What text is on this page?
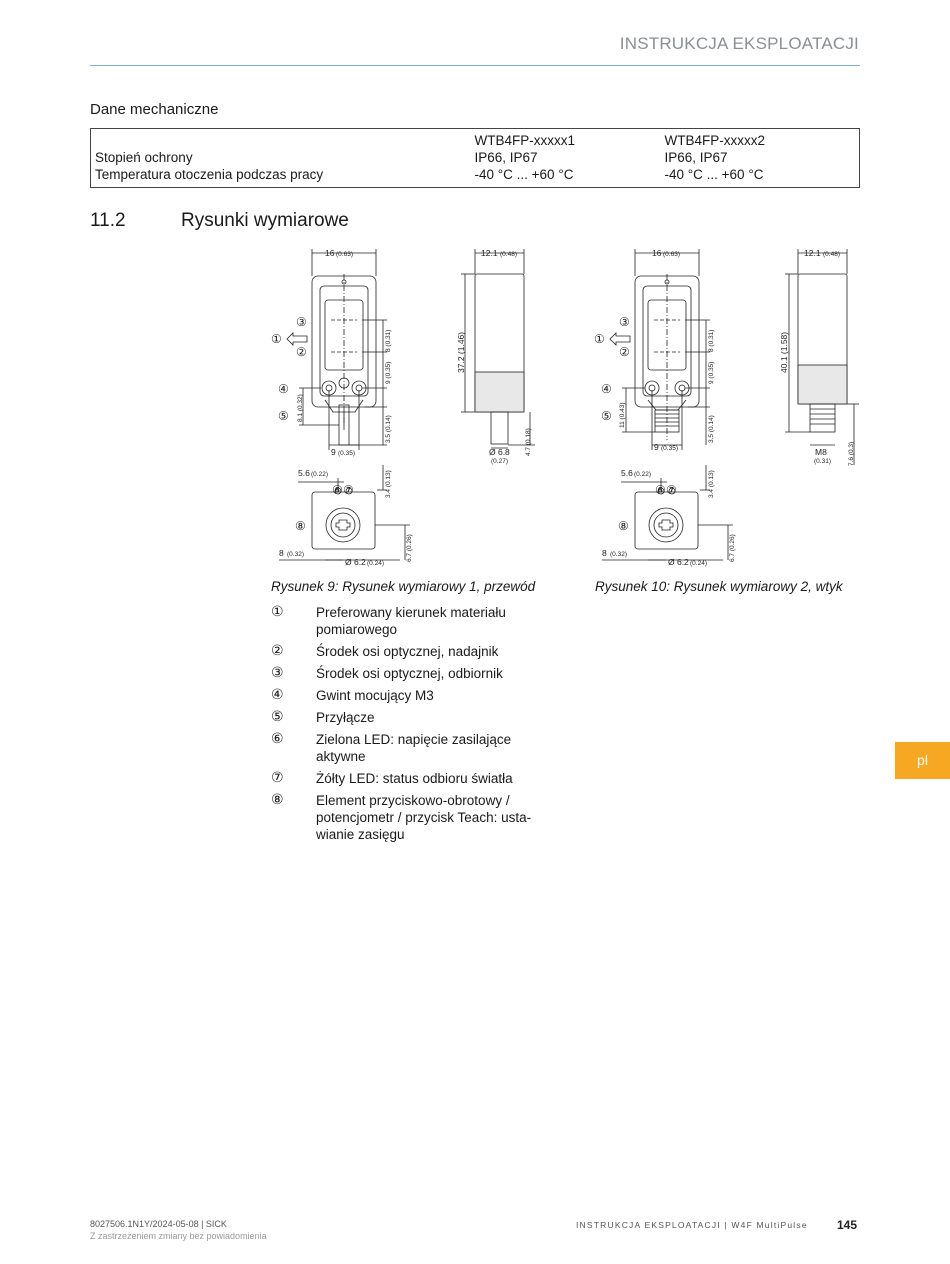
INSTRUKCJA EKSPLOATACJI
Dane mechaniczne
	WTB4FP-xxxxx1	WTB4FP-xxxxx2
Stopień ochrony	IP66, IP67	IP66, IP67
Temperatura otoczenia podczas pracy	-40 °C ... +60 °C	-40 °C ... +60 °C
11.2	Rysunki wymiarowe
16 (0.63)	12.1 (0.48)
37.2 (1.46)
8 (0.31)
9 (0.35)
8.1 (0.32)
3.5 (0.14)
9 (0.35)	Ø 6.8
(0.27)
4.7 (0.18)
5.6 (0.22)	3.4 (0.13)
8 (0.32)
Ø 6.2 (0.24)
6.7 (0.26)
16 (0.63)	12.1 (0.48)
40.1 (1.58)
8 (0.31)
9 (0.35)
11 (0.43)	3.5 (0.14)
9 (0.35)	M8
(0.31)	7.6 (0.3)
5.6 (0.22)	3.4 (0.13)
8 (0.32)
Ø 6.2 (0.24)
6.7 (0.26)
①
②
③
④
⑤
⑥ ⑦
⑧
①
②
③
④
⑤
⑥ ⑦
⑧
Rysunek 9: Rysunek wymiarowy 1, przewód	Rysunek 10: Rysunek wymiarowy 2, wtyk
① Preferowany kierunek materiału pomiarowego
② Środek osi optycznej, nadajnik
③ Środek osi optycznej, odbiornik
④ Gwint mocujący M3
⑤ Przyłącze
⑥ Zielona LED: napięcie zasilające aktywne
⑦ Żółty LED: status odbioru światła
⑧ Element przyciskowo-obrotowy / potencjometr / przycisk Teach: usta-wianie zasięgu
pl
8027506.1N1Y/2024-05-08 | SICK
Z zastrzeżeniem zmiany bez powiadomienia
INSTRUKCJA EKSPLOATACJI | W4F MultiPulse 145
